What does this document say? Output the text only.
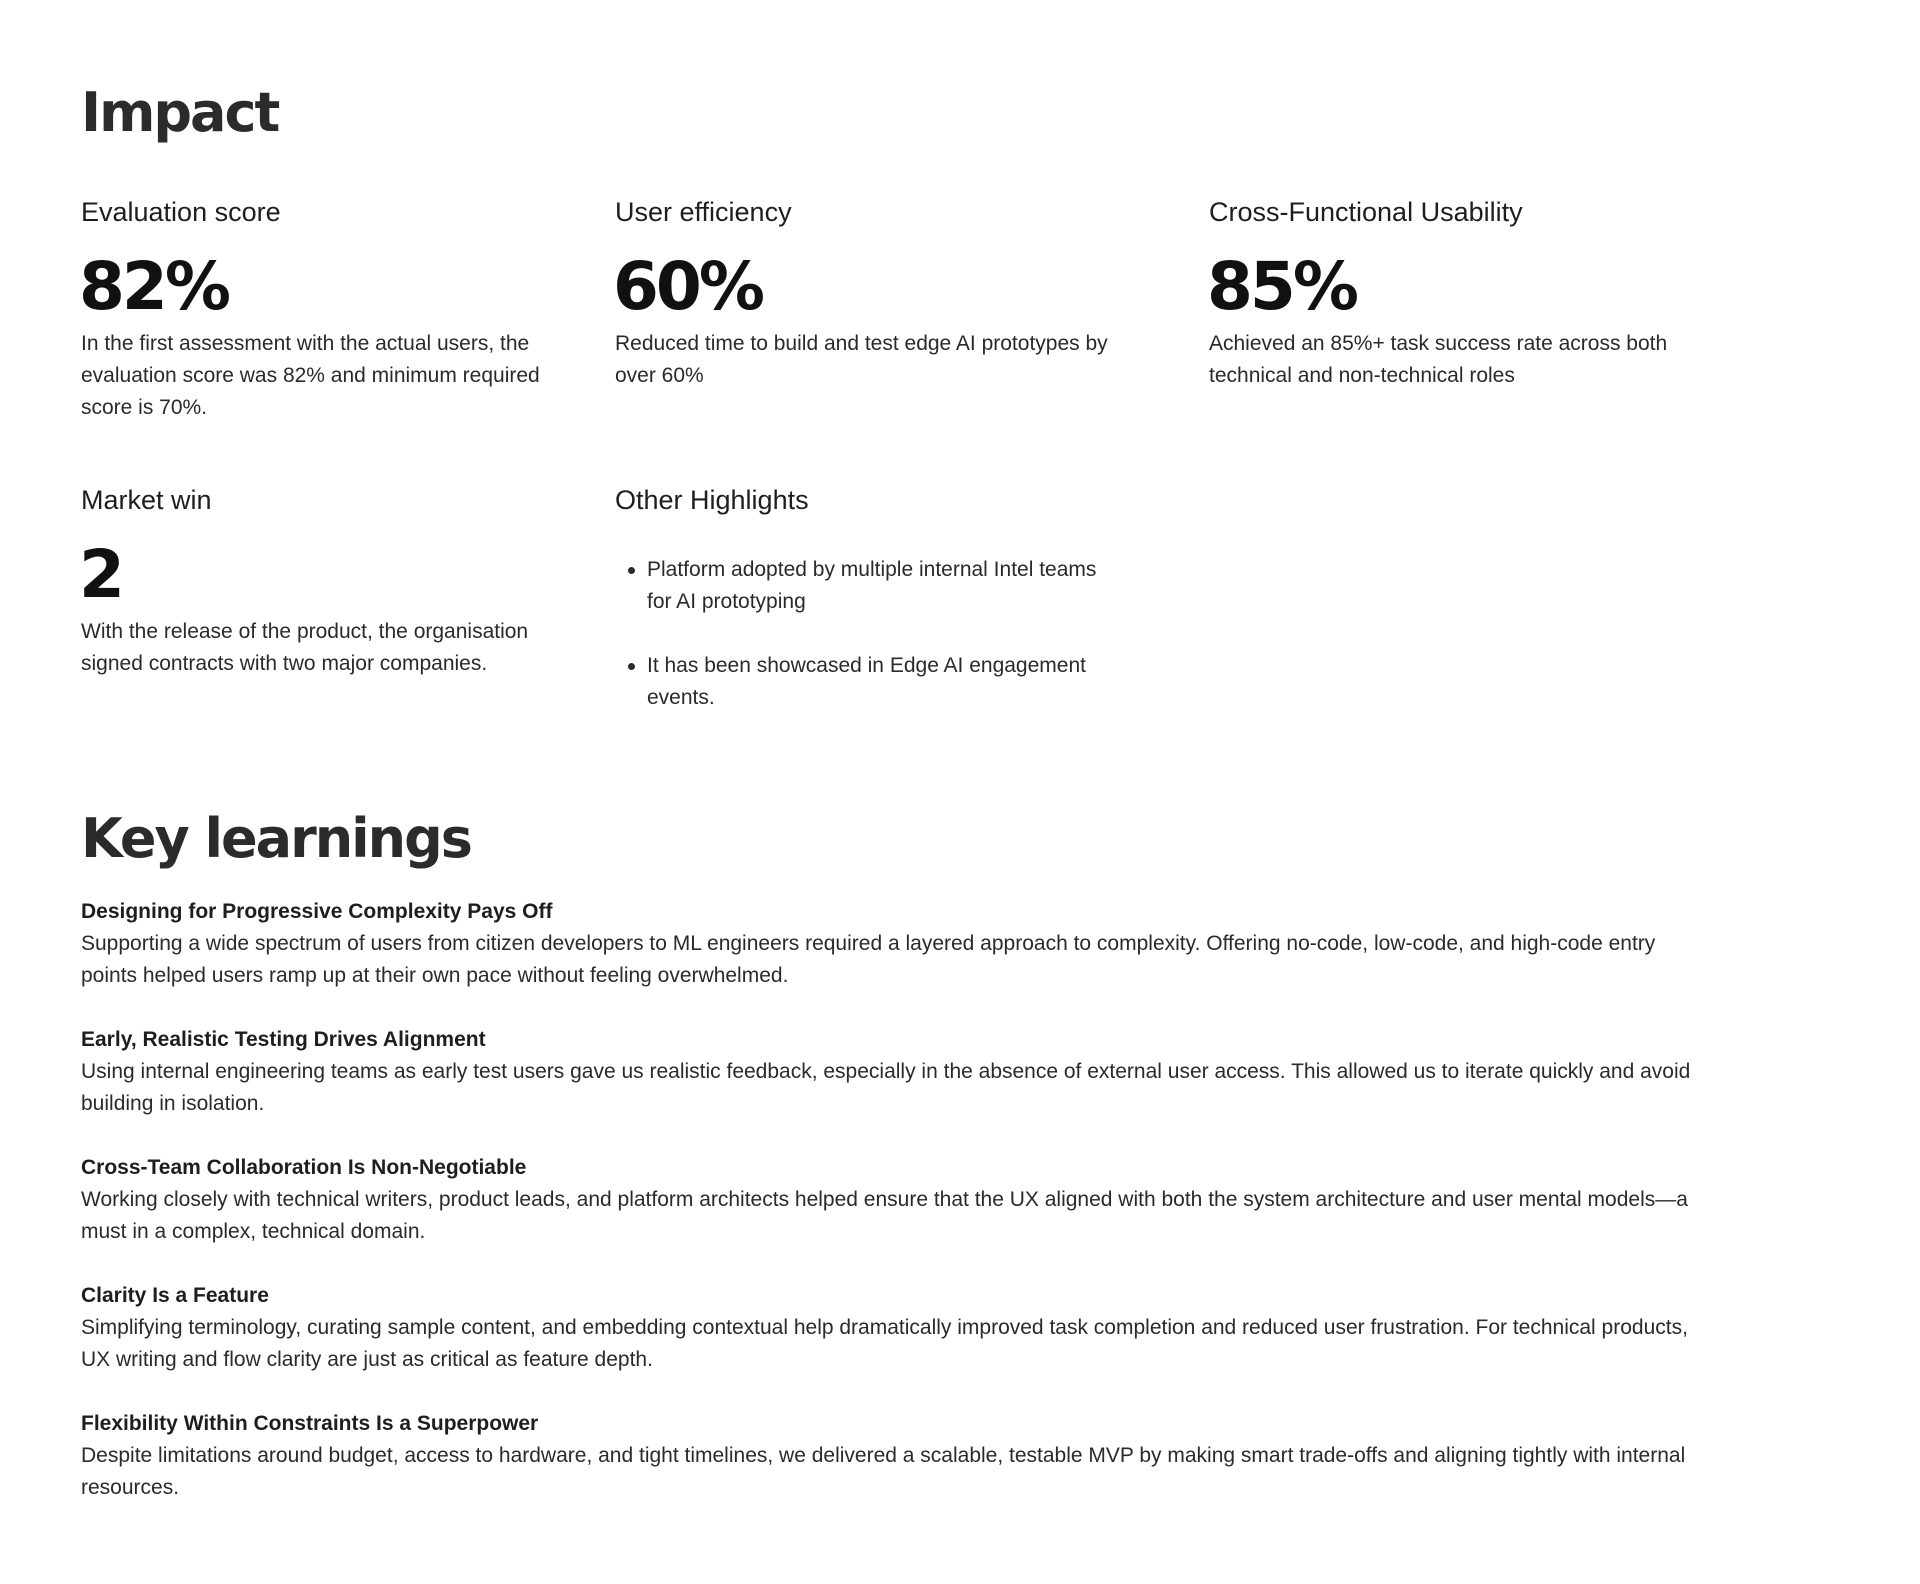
Impact

Evaluation score

82%

In the first assessment with the actual users, the evaluation score was 82% and minimum required score is 70%.

User efficiency

60%

Reduced time to build and test edge AI prototypes by over 60%

Cross-Functional Usability

85%

Achieved an 85%+ task success rate across both technical and non-technical roles

Market win

2

With the release of the product, the organisation signed contracts with two major companies.

Other Highlights

Platform adopted by multiple internal Intel teams for AI prototyping
It has been showcased in Edge AI engagement events.
Key learnings

Designing for Progressive Complexity Pays Off

Supporting a wide spectrum of users from citizen developers to ML engineers required a layered approach to complexity. Offering no-code, low-code, and high-code entry points helped users ramp up at their own pace without feeling overwhelmed.

Early, Realistic Testing Drives Alignment

Using internal engineering teams as early test users gave us realistic feedback, especially in the absence of external user access. This allowed us to iterate quickly and avoid building in isolation.

Cross-Team Collaboration Is Non-Negotiable

Working closely with technical writers, product leads, and platform architects helped ensure that the UX aligned with both the system architecture and user mental models—a must in a complex, technical domain.

Clarity Is a Feature

Simplifying terminology, curating sample content, and embedding contextual help dramatically improved task completion and reduced user frustration. For technical products, UX writing and flow clarity are just as critical as feature depth.

Flexibility Within Constraints Is a Superpower

Despite limitations around budget, access to hardware, and tight timelines, we delivered a scalable, testable MVP by making smart trade-offs and aligning tightly with internal resources.
